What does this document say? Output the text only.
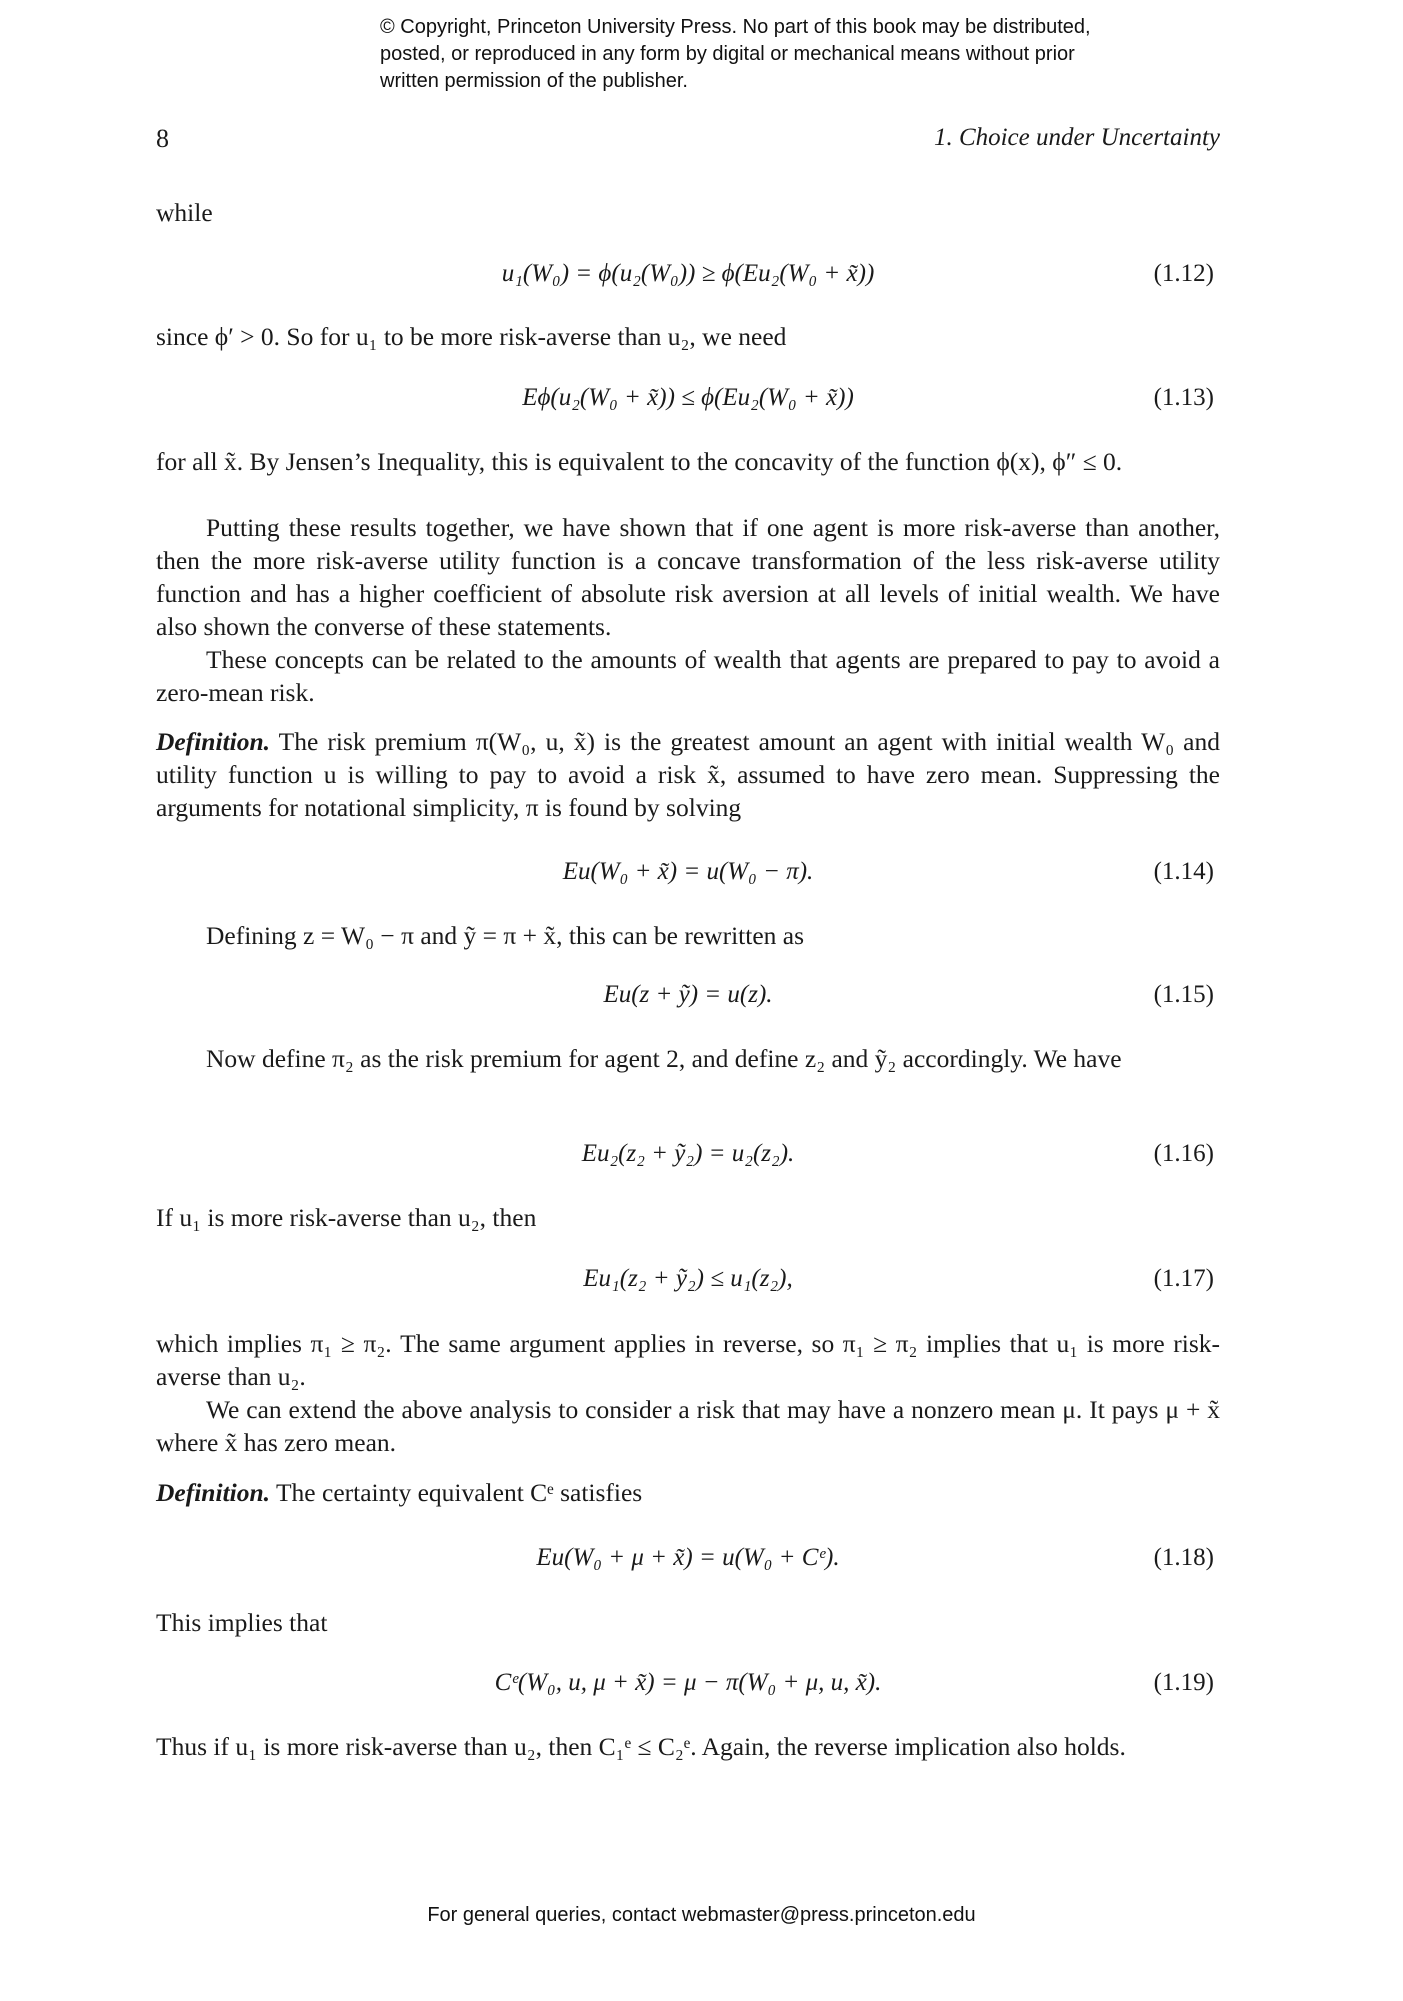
© Copyright, Princeton University Press. No part of this book may be distributed, posted, or reproduced in any form by digital or mechanical means without prior written permission of the publisher.
8	1. Choice under Uncertainty

while

u₁(W₀) = ϕ(u₂(W₀)) ≥ ϕ(Eu₂(W₀ + x̃))	(1.12)

since ϕ′ > 0. So for u₁ to be more risk-averse than u₂, we need

Eϕ(u₂(W₀ + x̃)) ≤ ϕ(Eu₂(W₀ + x̃))	(1.13)

for all x̃. By Jensen’s Inequality, this is equivalent to the concavity of the function ϕ(x), ϕ″ ≤ 0.

Putting these results together, we have shown that if one agent is more risk-averse than another, then the more risk-averse utility function is a concave transformation of the less risk-averse utility function and has a higher coefficient of absolute risk aversion at all levels of initial wealth. We have also shown the converse of these statements.

These concepts can be related to the amounts of wealth that agents are prepared to pay to avoid a zero-mean risk.

Definition. The risk premium π(W₀, u, x̃) is the greatest amount an agent with initial wealth W₀ and utility function u is willing to pay to avoid a risk x̃, assumed to have zero mean. Suppressing the arguments for notational simplicity, π is found by solving

Eu(W₀ + x̃) = u(W₀ − π).	(1.14)

Defining z = W₀ − π and ỹ = π + x̃, this can be rewritten as

Eu(z + ỹ) = u(z).	(1.15)

Now define π₂ as the risk premium for agent 2, and define z₂ and ỹ₂ accordingly. We have

Eu₂(z₂ + ỹ₂) = u₂(z₂).	(1.16)

If u₁ is more risk-averse than u₂, then

Eu₁(z₂ + ỹ₂) ≤ u₁(z₂),	(1.17)

which implies π₁ ≥ π₂. The same argument applies in reverse, so π₁ ≥ π₂ implies that u₁ is more risk-averse than u₂.

We can extend the above analysis to consider a risk that may have a nonzero mean μ. It pays μ + x̃ where x̃ has zero mean.

Definition. The certainty equivalent Cᵉ satisfies

Eu(W₀ + μ + x̃) = u(W₀ + Cᵉ).	(1.18)

This implies that

Cᵉ(W₀, u, μ + x̃) = μ − π(W₀ + μ, u, x̃).	(1.19)

Thus if u₁ is more risk-averse than u₂, then C₁ᵉ ≤ C₂ᵉ. Again, the reverse implication also holds.

For general queries, contact webmaster@press.princeton.edu
